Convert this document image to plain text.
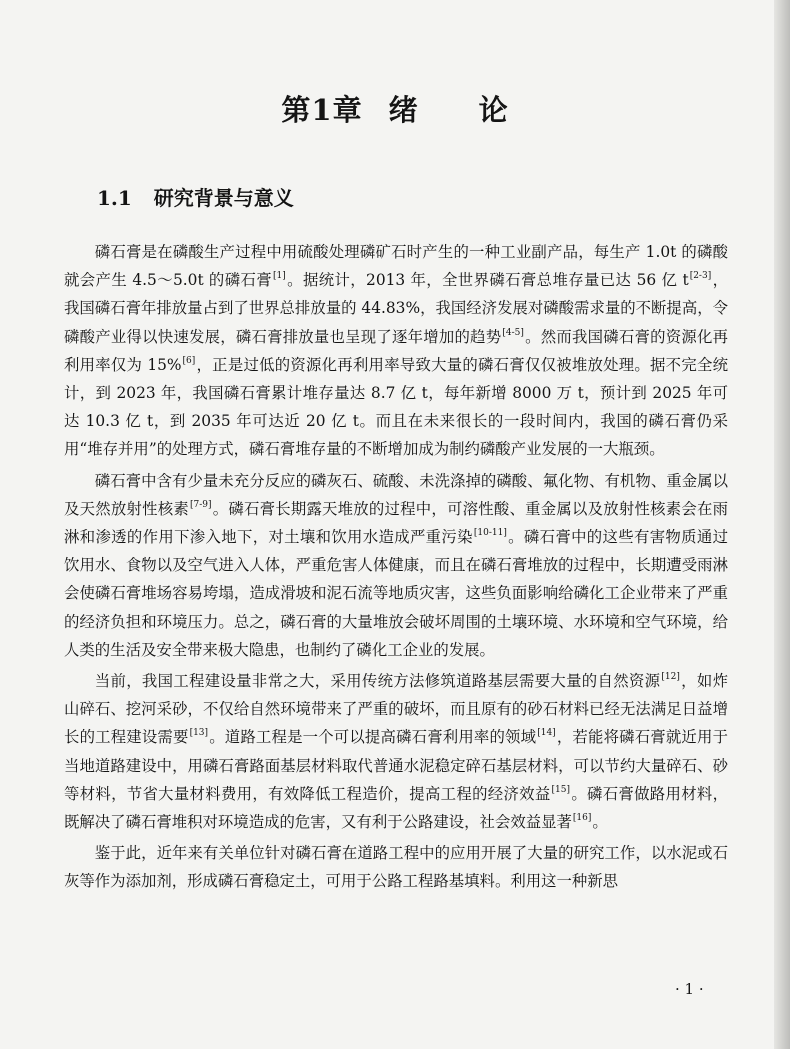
第1章 绪 论
1.1 研究背景与意义

磷石膏是在磷酸生产过程中用硫酸处理磷矿石时产生的一种工业副产品，每生产 1.0t 的磷酸就会产生 4.5～5.0t 的磷石膏[1]。据统计，2013 年，全世界磷石膏总堆存量已达 56 亿 t[2-3]，我国磷石膏年排放量占到了世界总排放量的 44.83%，我国经济发展对磷酸需求量的不断提高，令磷酸产业得以快速发展，磷石膏排放量也呈现了逐年增加的趋势[4-5]。然而我国磷石膏的资源化再利用率仅为 15%[6]，正是过低的资源化再利用率导致大量的磷石膏仅仅被堆放处理。据不完全统计，到 2023 年，我国磷石膏累计堆存量达 8.7 亿 t，每年新增 8000 万 t，预计到 2025 年可达 10.3 亿 t，到 2035 年可达近 20 亿 t。而且在未来很长的一段时间内，我国的磷石膏仍采用“堆存并用”的处理方式，磷石膏堆存量的不断增加成为制约磷酸产业发展的一大瓶颈。

磷石膏中含有少量未充分反应的磷灰石、硫酸、未洗涤掉的磷酸、氟化物、有机物、重金属以及天然放射性核素[7-9]。磷石膏长期露天堆放的过程中，可溶性酸、重金属以及放射性核素会在雨淋和渗透的作用下渗入地下，对土壤和饮用水造成严重污染[10-11]。磷石膏中的这些有害物质通过饮用水、食物以及空气进入人体，严重危害人体健康，而且在磷石膏堆放的过程中，长期遭受雨淋会使磷石膏堆场容易垮塌，造成滑坡和泥石流等地质灾害，这些负面影响给磷化工企业带来了严重的经济负担和环境压力。总之，磷石膏的大量堆放会破坏周围的土壤环境、水环境和空气环境，给人类的生活及安全带来极大隐患，也制约了磷化工企业的发展。

当前，我国工程建设量非常之大，采用传统方法修筑道路基层需要大量的自然资源[12]，如炸山碎石、挖河采砂，不仅给自然环境带来了严重的破坏，而且原有的砂石材料已经无法满足日益增长的工程建设需要[13]。道路工程是一个可以提高磷石膏利用率的领域[14]，若能将磷石膏就近用于当地道路建设中，用磷石膏路面基层材料取代普通水泥稳定碎石基层材料，可以节约大量碎石、砂等材料，节省大量材料费用，有效降低工程造价，提高工程的经济效益[15]。磷石膏做路用材料，既解决了磷石膏堆积对环境造成的危害，又有利于公路建设，社会效益显著[16]。

鉴于此，近年来有关单位针对磷石膏在道路工程中的应用开展了大量的研究工作，以水泥或石灰等作为添加剂，形成磷石膏稳定土，可用于公路工程路基填料。利用这一种新思

· 1 ·
